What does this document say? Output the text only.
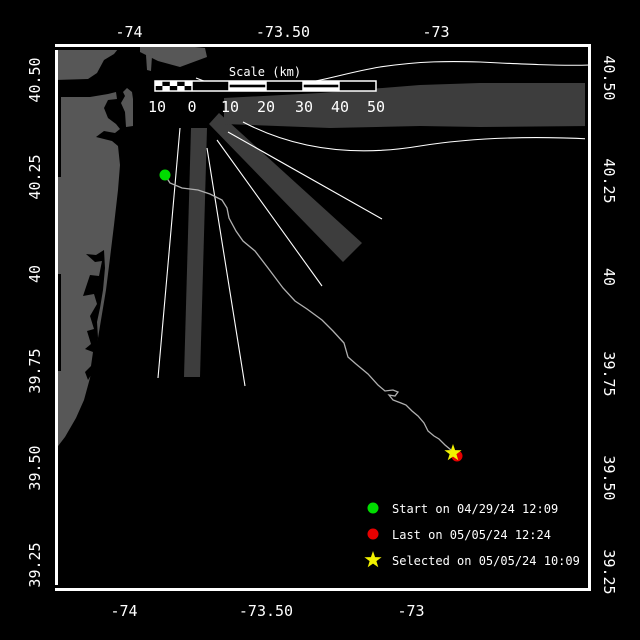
Scale (km)
10 0 10 20 30 40 50
-74	-73.50	-73
-74	-73.50	-73
40.50
40.25
40
39.75
39.50
39.25
40.50
40.25
40
39.75
39.50
39.25
Start on 04/29/24 12:09
Last on 05/05/24 12:24
Selected on 05/05/24 10:09
